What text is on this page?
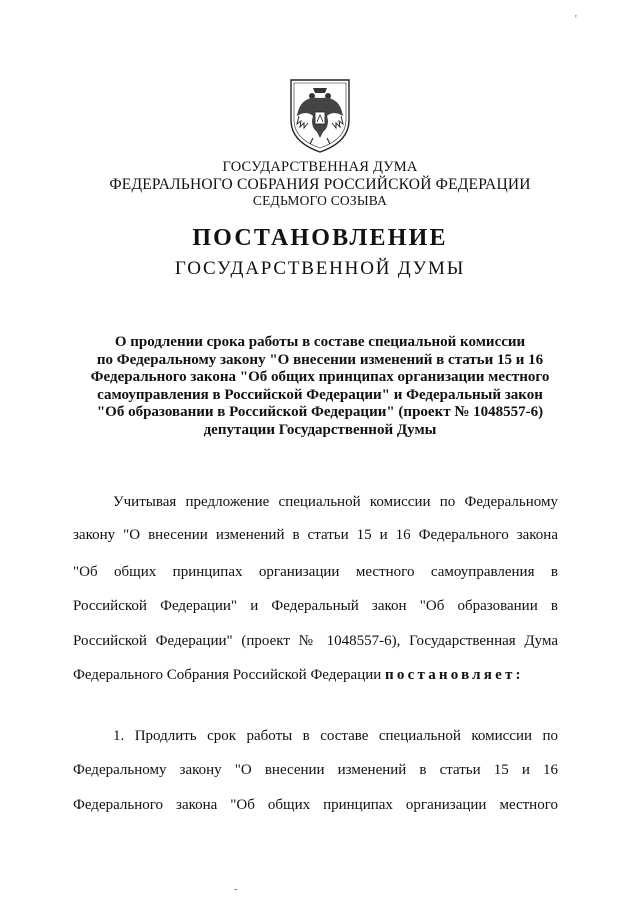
ГОСУДАРСТВЕННАЯ ДУМА
ФЕДЕРАЛЬНОГО СОБРАНИЯ РОССИЙСКОЙ ФЕДЕРАЦИИ
СЕДЬМОГО СОЗЫВА
ПОСТАНОВЛЕНИЕ
ГОСУДАРСТВЕННОЙ ДУМЫ
О продлении срока работы в составе специальной комиссии
по Федеральному закону "О внесении изменений в статьи 15 и 16
Федерального закона "Об общих принципах организации местного
самоуправления в Российской Федерации" и Федеральный закон
"Об образовании в Российской Федерации" (проект № 1048557-6)
депутации Государственной Думы
Учитывая предложение специальной комиссии по Федеральному
закону "О внесении изменений в статьи 15 и 16 Федерального закона
"Об общих принципах организации местного самоуправления в
Российской Федерации" и Федеральный закон "Об образовании в
Российской Федерации" (проект № 1048557-6), Государственная Дума
Федерального Собрания Российской Федерации постановляет:
1. Продлить срок работы в составе специальной комиссии по
Федеральному закону "О внесении изменений в статьи 15 и 16
Федерального закона "Об общих принципах организации местного
'
-
